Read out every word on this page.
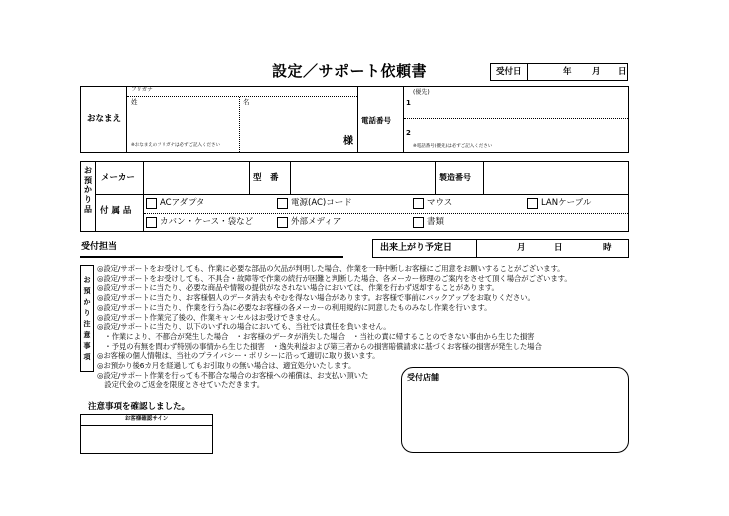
設定／サポート依頼書	受付日	年 月 日
おなまえ
フリガナ
姓	名
※おなまえのフリガナは必ずご記入ください	様
電話番号
(優先)
1
2
※電話番号(優先)は必ずご記入ください
お預かり品
メーカー	型　番	製造番号
付 属 品
ACアダプタ	電源(AC)コード	マウス	LANケーブル
カバン・ケース・袋など	外部メディア	書類
受付担当	出来上がり予定日	月	日	時
お預かり注意事項
◎設定/サポートをお受けしても、作業に必要な部品の欠品が判明した場合、作業を一時中断しお客様にご用意をお願いすることがございます。
◎設定/サポートをお受けしても、不具合・故障等で作業の続行が困難と判断した場合、各メーカー修理のご案内をさせて頂く場合がございます。
◎設定/サポートに当たり、必要な商品や情報の提供がなされない場合においては、作業を行わず返却することがあります。
◎設定/サポートに当たり、お客様個人のデータ消去もやむを得ない場合があります。お客様で事前にバックアップをお取りください。
◎設定/サポートに当たり、作業を行う為に必要なお客様の各メーカーの利用規約に同意したものみなし作業を行います。
◎設定/サポート作業完了後の、作業キャンセルはお受けできません。
◎設定/サポートに当たり、以下のいずれの場合においても、当社では責任を負いません。
　・作業により、不都合が発生した場合　・お客様のデータが消失した場合　・当社の責に帰することのできない事由から生じた損害
　・予見の有無を問わず特別の事情から生じた損害　・逸失利益および第三者からの損害賠償請求に基づくお客様の損害が発生した場合
◎お客様の個人情報は、当社のプライバシー・ポリシーに沿って適切に取り扱います。
◎お預かり後6カ月を経過してもお引取りの無い場合は、適宜処分いたします。
◎設定/サポート作業を行っても不都合な場合のお客様への補償は、お支払い頂いた
　設定代金のご返金を限度とさせていただきます。
注意事項を確認しました。
お客様確認サイン
受付店舗
